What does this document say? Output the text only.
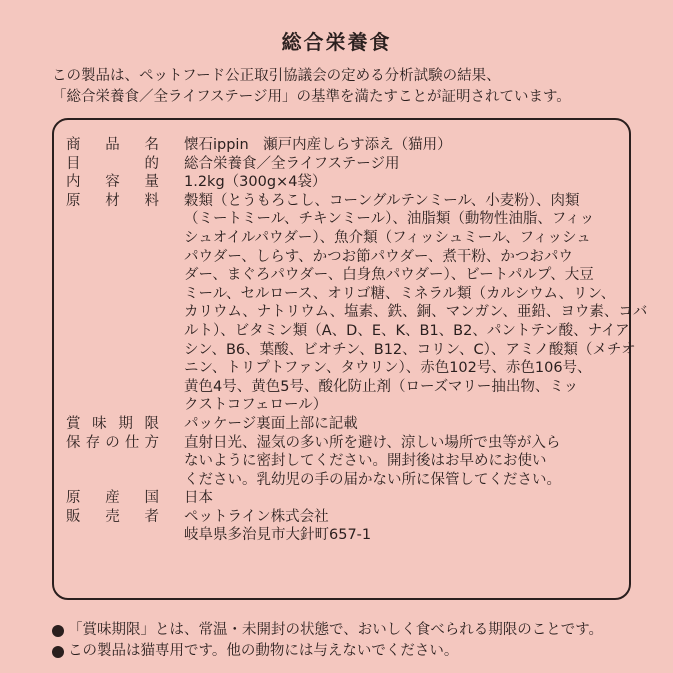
総合栄養食
この製品は、ペットフード公正取引協議会の定める分析試験の結果、
「総合栄養食／全ライフステージ用」の基準を満たすことが証明されています。
商品名 懐石ippin　瀬戸内産しらす添え（猫用）
目的 総合栄養食／全ライフステージ用
内容量 1.2kg（300g×4袋）
原材料 穀類（とうもろこし、コーングルテンミール、小麦粉）、肉類
（ミートミール、チキンミール）、油脂類（動物性油脂、フィッ
シュオイルパウダー）、魚介類（フィッシュミール、フィッシュ
パウダー、しらす、かつお節パウダー、煮干粉、かつおパウ
ダー、まぐろパウダー、白身魚パウダー）、ビートパルプ、大豆
ミール、セルロース、オリゴ糖、ミネラル類（カルシウム、リン、
カリウム、ナトリウム、塩素、鉄、銅、マンガン、亜鉛、ヨウ素、コバ
ルト）、ビタミン類（A、D、E、K、B1、B2、パントテン酸、ナイア
シン、B6、葉酸、ビオチン、B12、コリン、C）、アミノ酸類（メチオ
ニン、トリプトファン、タウリン）、赤色102号、赤色106号、
黄色4号、黄色5号、酸化防止剤（ローズマリー抽出物、ミッ
クストコフェロール）
賞味期限 パッケージ裏面上部に記載
保存の仕方 直射日光、湿気の多い所を避け、涼しい場所で虫等が入ら
ないように密封してください。開封後はお早めにお使い
ください。乳幼児の手の届かない所に保管してください。
原産国 日本
販売者 ペットライン株式会社
岐阜県多治見市大針町657-1
「賞味期限」とは、常温・未開封の状態で、おいしく食べられる期限のことです。
この製品は猫専用です。他の動物には与えないでください。
